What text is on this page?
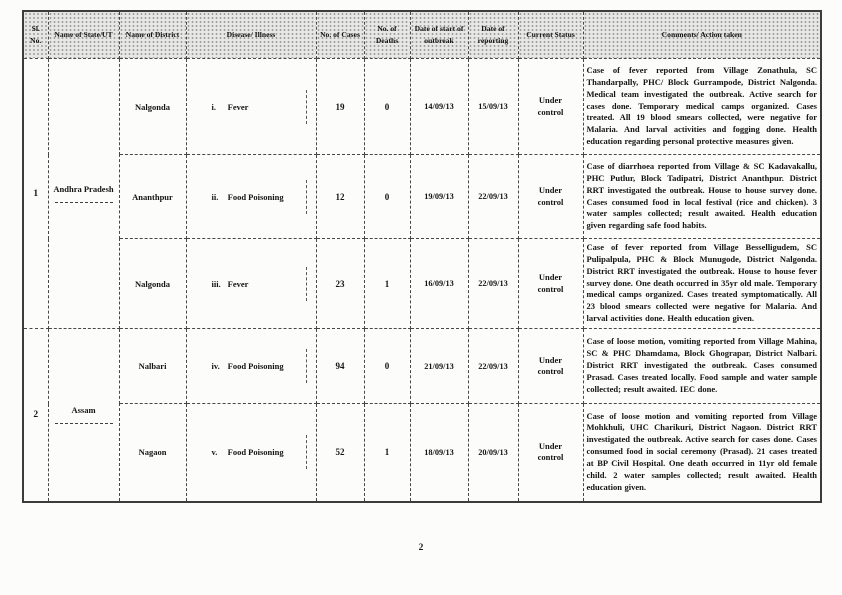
Sl. No.	Name of State/UT	Name of District	Disease/ Illness	No. of Cases	No. of Deaths	Date of start of outbreak	Date of reporting	Current Status	Comments/ Action taken
1	Andhra Pradesh	Nalgonda	i. Fever	19	0	14/09/13	15/09/13	Under control	Case of fever reported from Village Zonathula, SC Thandarpally, PHC/ Block Gurrampode, District Nalgonda. Medical team investigated the outbreak. Active search for cases done. Temporary medical camps organized. Cases treated. All 19 blood smears collected, were negative for Malaria. And larval activities and fogging done. Health education regarding personal protective measures given.

		Ananthpur	ii. Food Poisoning	12	0	19/09/13	22/09/13	Under control	Case of diarrhoea reported from Village & SC Kadavakallu, PHC Putlur, Block Tadipatri, District Ananthpur. District RRT investigated the outbreak. House to house survey done. Cases consumed food in local festival (rice and chicken). 3 water samples collected; result awaited. Health education given regarding safe food habits.

		Nalgonda	iii. Fever	23	1	16/09/13	22/09/13	Under control	Case of fever reported from Village Besselligudem, SC Pulipalpula, PHC & Block Munugode, District Nalgonda. District RRT investigated the outbreak. House to house fever survey done. One death occurred in 35yr old male. Temporary medical camps organized. Cases treated symptomatically. All 23 blood smears collected were negative for Malaria. And larval activities done. Health education given.

2	Assam	Nalbari	iv. Food Poisoning	94	0	21/09/13	22/09/13	Under control	Case of loose motion, vomiting reported from Village Mahina, SC & PHC Dhamdama, Block Ghograpar, District Nalbari. District RRT investigated the outbreak. Cases consumed Prasad. Cases treated locally. Food sample and water sample collected; result awaited. IEC done.

		Nagaon	v. Food Poisoning	52	1	18/09/13	20/09/13	Under control	Case of loose motion and vomiting reported from Village Mohkhuli, UHC Charikuri, District Nagaon. District RRT investigated the outbreak. Active search for cases done. Cases consumed food in social ceremony (Prasad). 21 cases treated at BP Civil Hospital. One death occurred in 11yr old female child. 2 water samples collected; result awaited. Health education given.
2
